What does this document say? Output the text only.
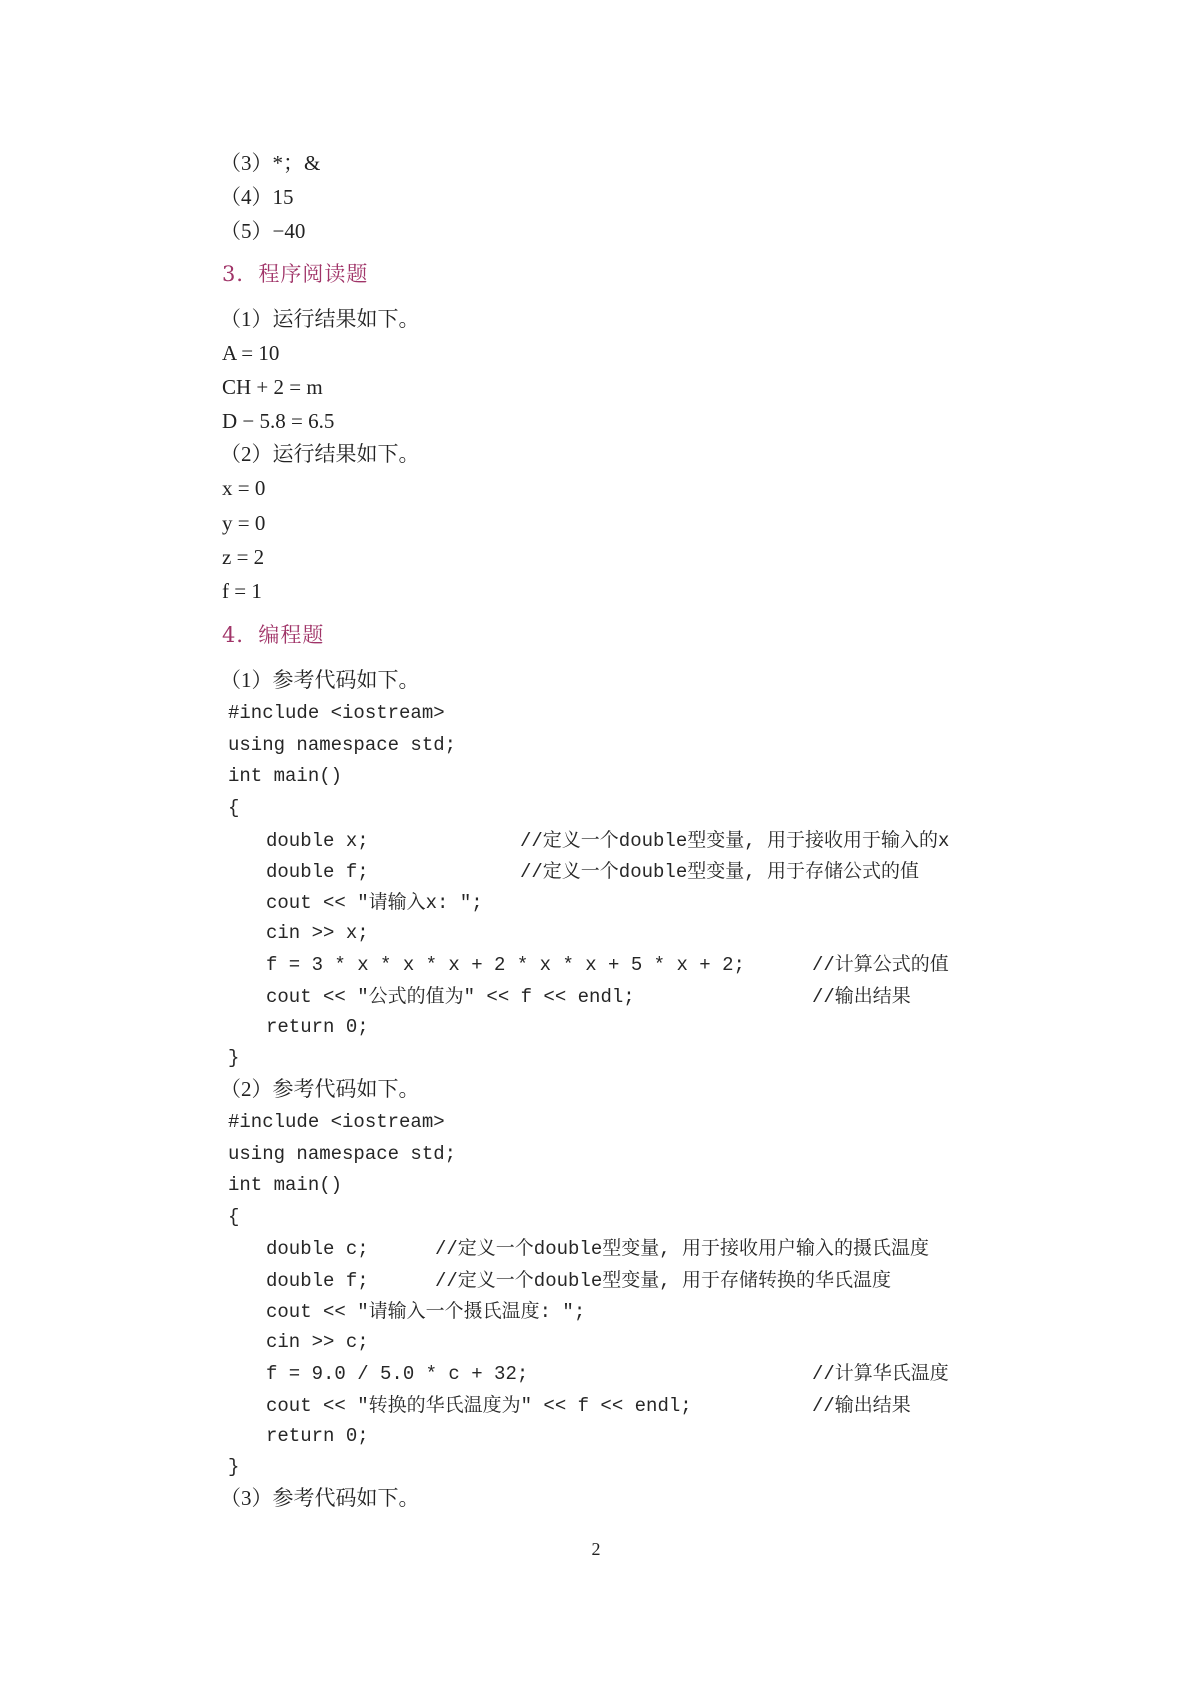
（3）*；&
（4）15
（5）−40
3．程序阅读题
（1）运行结果如下。
A = 10
CH + 2 = m
D − 5.8 = 6.5
（2）运行结果如下。
x = 0
y = 0
z = 2
f = 1
4．编程题
（1）参考代码如下。
#include <iostream>
using namespace std;
int main()
{
double x;	//定义一个double型变量, 用于接收用于输入的x
double f;	//定义一个double型变量, 用于存储公式的值
cout << "请输入x: ";
cin >> x;
f = 3 * x * x * x + 2 * x * x + 5 * x + 2;	//计算公式的值
cout << "公式的值为" << f << endl;	//输出结果
return 0;
}
（2）参考代码如下。
#include <iostream>
using namespace std;
int main()
{
double c;	//定义一个double型变量, 用于接收用户输入的摄氏温度
double f;	//定义一个double型变量, 用于存储转换的华氏温度
cout << "请输入一个摄氏温度: ";
cin >> c;
f = 9.0 / 5.0 * c + 32;	//计算华氏温度
cout << "转换的华氏温度为" << f << endl;	//输出结果
return 0;
}
（3）参考代码如下。
2
